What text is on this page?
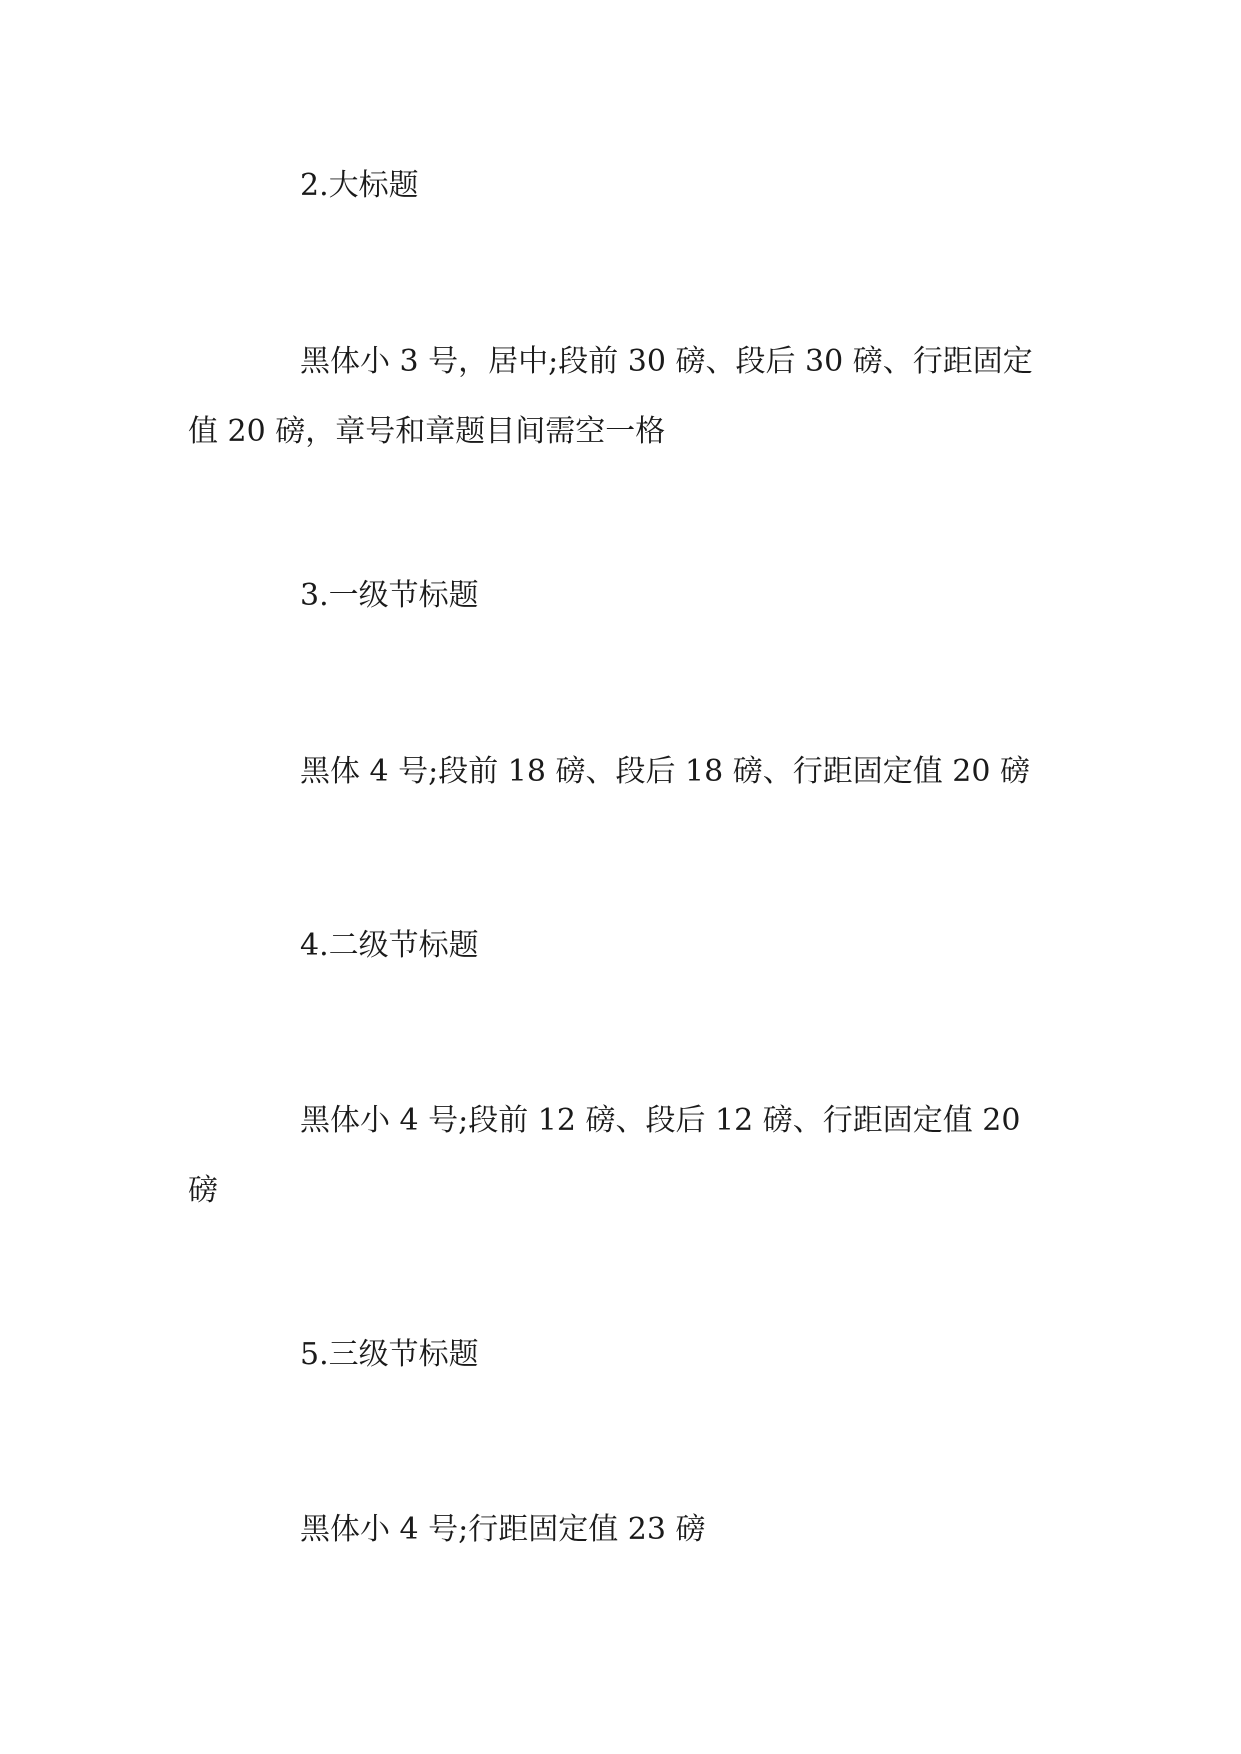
2.大标题

黑体小 3 号，居中;段前 30 磅、段后 30 磅、行距固定值 20 磅，章号和章题目间需空一格

3.一级节标题

黑体 4 号;段前 18 磅、段后 18 磅、行距固定值 20 磅

4.二级节标题

黑体小 4 号;段前 12 磅、段后 12 磅、行距固定值 20 磅

5.三级节标题

黑体小 4 号;行距固定值 23 磅
